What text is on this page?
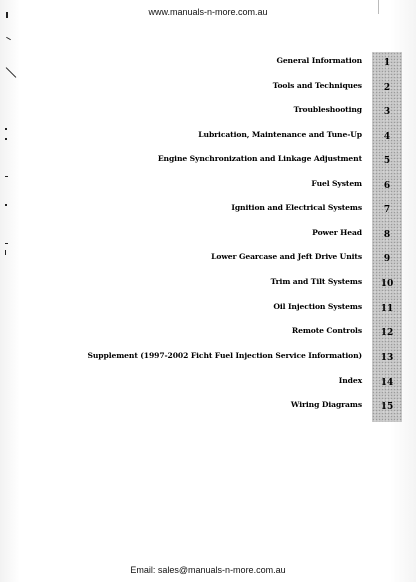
www.manuals-n-more.com.au
General Information	1
Tools and Techniques	2
Troubleshooting	3
Lubrication, Maintenance and Tune-Up	4
Engine Synchronization and Linkage Adjustment	5
Fuel System	6
Ignition and Electrical Systems	7
Power Head	8
Lower Gearcase and Jeft Drive Units	9
Trim and Tilt Systems	10
Oil Injection Systems	11
Remote Controls	12
Supplement (1997-2002 Ficht Fuel Injection Service Information)	13
Index	14
Wiring Diagrams	15
Email: sales@manuals-n-more.com.au
